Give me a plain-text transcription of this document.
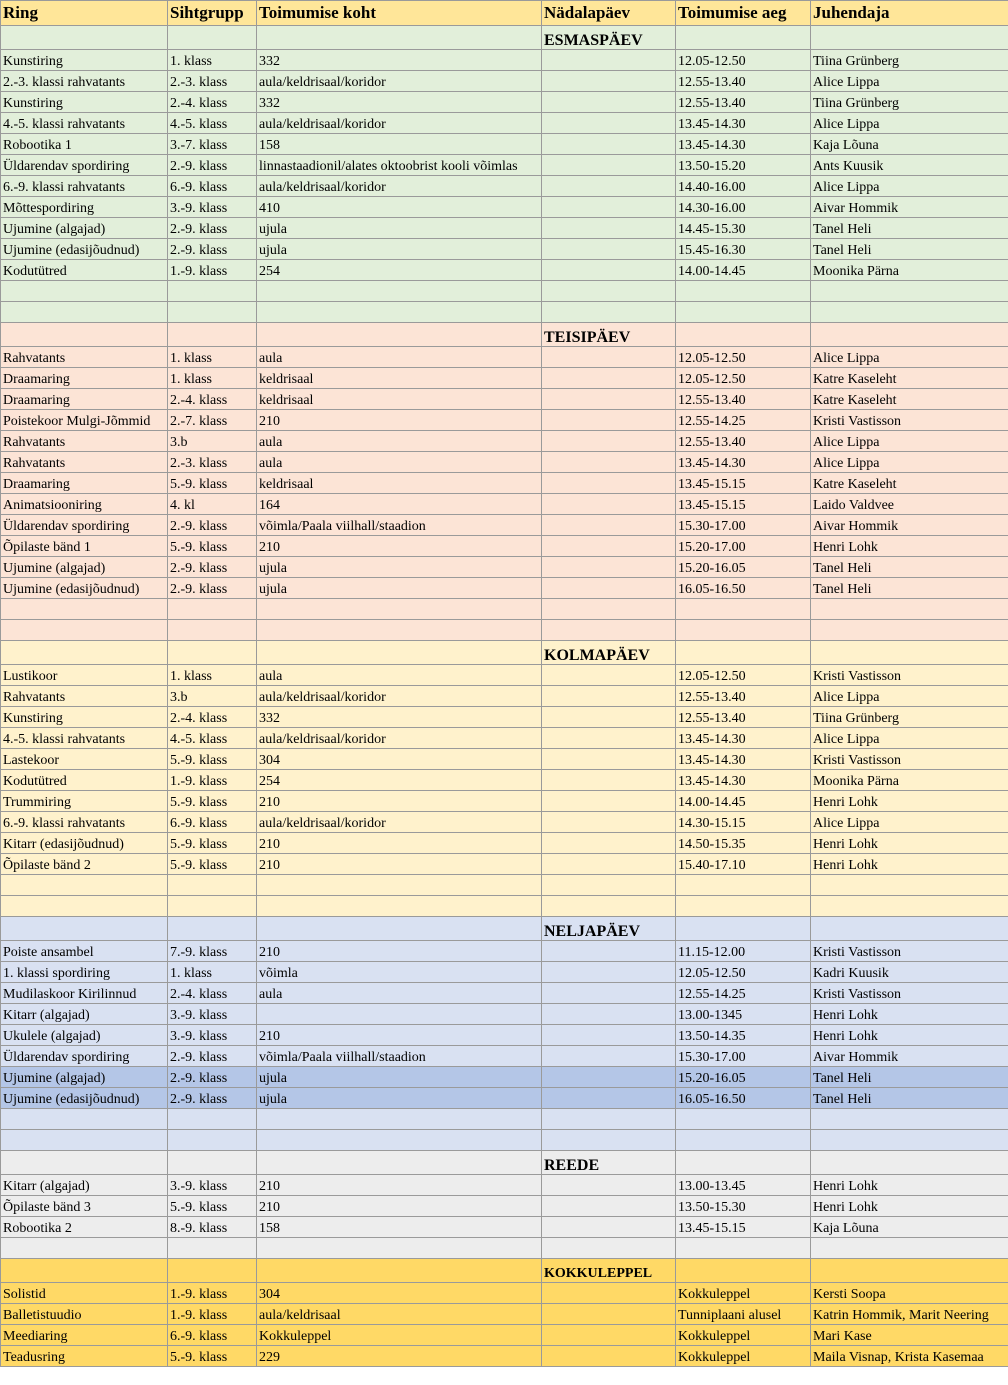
Ring	Sihtgrupp	Toimumise koht	Nädalapäev	Toimumise aeg	Juhendaja
			ESMASPÄEV		
Kunstiring	1. klass	332		12.05-12.50	Tiina Grünberg
2.-3. klassi rahvatants	2.-3. klass	aula/keldrisaal/koridor		12.55-13.40	Alice Lippa
Kunstiring	2.-4. klass	332		12.55-13.40	Tiina Grünberg
4.-5. klassi rahvatants	4.-5. klass	aula/keldrisaal/koridor		13.45-14.30	Alice Lippa
Robootika 1	3.-7. klass	158		13.45-14.30	Kaja Lõuna
Üldarendav spordiring	2.-9. klass	linnastaadionil/alates oktoobrist kooli võimlas		13.50-15.20	Ants Kuusik
6.-9. klassi rahvatants	6.-9. klass	aula/keldrisaal/koridor		14.40-16.00	Alice Lippa
Mõttespordiring	3.-9. klass	410		14.30-16.00	Aivar Hommik
Ujumine (algajad)	2.-9. klass	ujula		14.45-15.30	Tanel Heli
Ujumine (edasijõudnud)	2.-9. klass	ujula		15.45-16.30	Tanel Heli
Kodutütred	1.-9. klass	254		14.00-14.45	Moonika Pärna

			TEISIPÄEV		
Rahvatants	1. klass	aula		12.05-12.50	Alice Lippa
Draamaring	1. klass	keldrisaal		12.05-12.50	Katre Kaseleht
Draamaring	2.-4. klass	keldrisaal		12.55-13.40	Katre Kaseleht
Poistekoor Mulgi-Jõmmid	2.-7. klass	210		12.55-14.25	Kristi Vastisson
Rahvatants	3.b	aula		12.55-13.40	Alice Lippa
Rahvatants	2.-3. klass	aula		13.45-14.30	Alice Lippa
Draamaring	5.-9. klass	keldrisaal		13.45-15.15	Katre Kaseleht
Animatsiooniring	4. kl	164		13.45-15.15	Laido Valdvee
Üldarendav spordiring	2.-9. klass	võimla/Paala viilhall/staadion		15.30-17.00	Aivar Hommik
Õpilaste bänd 1	5.-9. klass	210		15.20-17.00	Henri Lohk
Ujumine (algajad)	2.-9. klass	ujula		15.20-16.05	Tanel Heli
Ujumine (edasijõudnud)	2.-9. klass	ujula		16.05-16.50	Tanel Heli

			KOLMAPÄEV		
Lustikoor	1. klass	aula		12.05-12.50	Kristi Vastisson
Rahvatants	3.b	aula/keldrisaal/koridor		12.55-13.40	Alice Lippa
Kunstiring	2.-4. klass	332		12.55-13.40	Tiina Grünberg
4.-5. klassi rahvatants	4.-5. klass	aula/keldrisaal/koridor		13.45-14.30	Alice Lippa
Lastekoor	5.-9. klass	304		13.45-14.30	Kristi Vastisson
Kodutütred	1.-9. klass	254		13.45-14.30	Moonika Pärna
Trummiring	5.-9. klass	210		14.00-14.45	Henri Lohk
6.-9. klassi rahvatants	6.-9. klass	aula/keldrisaal/koridor		14.30-15.15	Alice Lippa
Kitarr (edasijõudnud)	5.-9. klass	210		14.50-15.35	Henri Lohk
Õpilaste bänd 2	5.-9. klass	210		15.40-17.10	Henri Lohk

			NELJAPÄEV		
Poiste ansambel	7.-9. klass	210		11.15-12.00	Kristi Vastisson
1. klassi spordiring	1. klass	võimla		12.05-12.50	Kadri Kuusik
Mudilaskoor Kirilinnud	2.-4. klass	aula		12.55-14.25	Kristi Vastisson
Kitarr (algajad)	3.-9. klass			13.00-1345	Henri Lohk
Ukulele (algajad)	3.-9. klass	210		13.50-14.35	Henri Lohk
Üldarendav spordiring	2.-9. klass	võimla/Paala viilhall/staadion		15.30-17.00	Aivar Hommik
Ujumine (algajad)	2.-9. klass	ujula		15.20-16.05	Tanel Heli
Ujumine (edasijõudnud)	2.-9. klass	ujula		16.05-16.50	Tanel Heli

			REEDE		
Kitarr (algajad)	3.-9. klass	210		13.00-13.45	Henri Lohk
Õpilaste bänd 3	5.-9. klass	210		13.50-15.30	Henri Lohk
Robootika 2	8.-9. klass	158		13.45-15.15	Kaja Lõuna

			KOKKULEPPEL		
Solistid	1.-9. klass	304		Kokkuleppel	Kersti Soopa
Balletistuudio	1.-9. klass	aula/keldrisaal		Tunniplaani alusel	Katrin Hommik, Marit Neering
Meediaring	6.-9. klass	Kokkuleppel		Kokkuleppel	Mari Kase
Teadusring	5.-9. klass	229		Kokkuleppel	Maila Visnap, Krista Kasemaa
